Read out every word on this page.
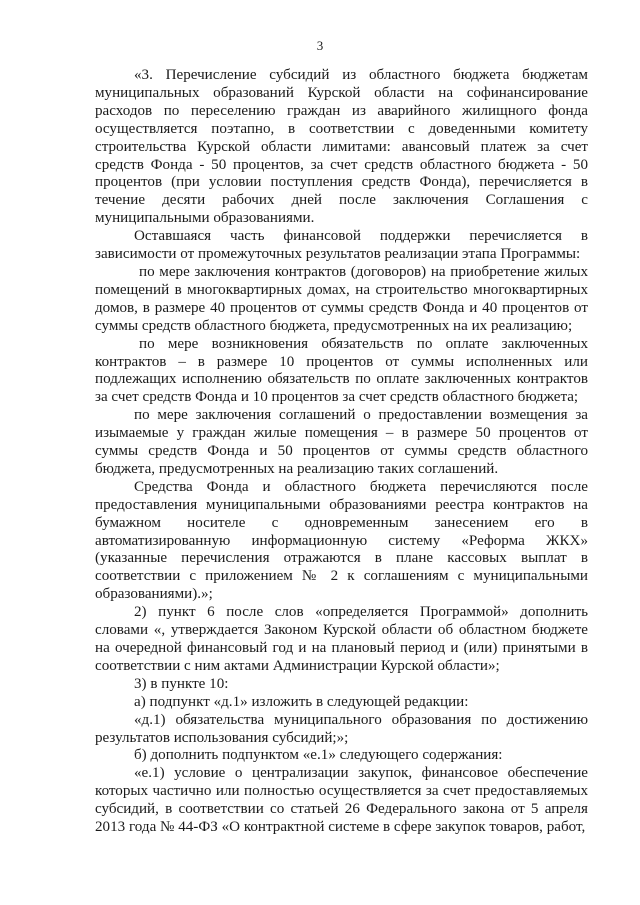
3

«3. Перечисление субсидий из областного бюджета бюджетам муниципальных образований Курской области на софинансирование расходов по переселению граждан из аварийного жилищного фонда осуществляется поэтапно, в соответствии с доведенными комитету строительства Курской области лимитами: авансовый платеж за счет средств Фонда - 50 процентов, за счет средств областного бюджета - 50 процентов (при условии поступления средств Фонда), перечисляется в течение десяти рабочих дней после заключения Соглашения с муниципальными образованиями.

Оставшаяся часть финансовой поддержки перечисляется в зависимости от промежуточных результатов реализации этапа Программы:

по мере заключения контрактов (договоров) на приобретение жилых помещений в многоквартирных домах, на строительство многоквартирных домов, в размере 40 процентов от суммы средств Фонда и 40 процентов от суммы средств областного бюджета, предусмотренных на их реализацию;

по мере возникновения обязательств по оплате заключенных контрактов – в размере 10 процентов от суммы исполненных или подлежащих исполнению обязательств по оплате заключенных контрактов за счет средств Фонда и 10 процентов за счет средств областного бюджета;

по мере заключения соглашений о предоставлении возмещения за изымаемые у граждан жилые помещения – в размере 50 процентов от суммы средств Фонда и 50 процентов от суммы средств областного бюджета, предусмотренных на реализацию таких соглашений.

Средства Фонда и областного бюджета перечисляются после предоставления муниципальными образованиями реестра контрактов на бумажном носителе с одновременным занесением его в автоматизированную информационную систему «Реформа ЖКХ» (указанные перечисления отражаются в плане кассовых выплат в соответствии с приложением № 2 к соглашениям с муниципальными образованиями).»;

2) пункт 6 после слов «определяется Программой» дополнить словами «, утверждается Законом Курской области об областном бюджете на очередной финансовый год и на плановый период и (или) принятыми в соответствии с ним актами Администрации Курской области»;

3) в пункте 10:

а) подпункт «д.1» изложить в следующей редакции:

«д.1) обязательства муниципального образования по достижению результатов использования субсидий;»;

б) дополнить подпунктом «е.1» следующего содержания:

«е.1) условие о централизации закупок, финансовое обеспечение которых частично или полностью осуществляется за счет предоставляемых субсидий, в соответствии со статьей 26 Федерального закона от 5 апреля 2013 года № 44-ФЗ «О контрактной системе в сфере закупок товаров, работ,
